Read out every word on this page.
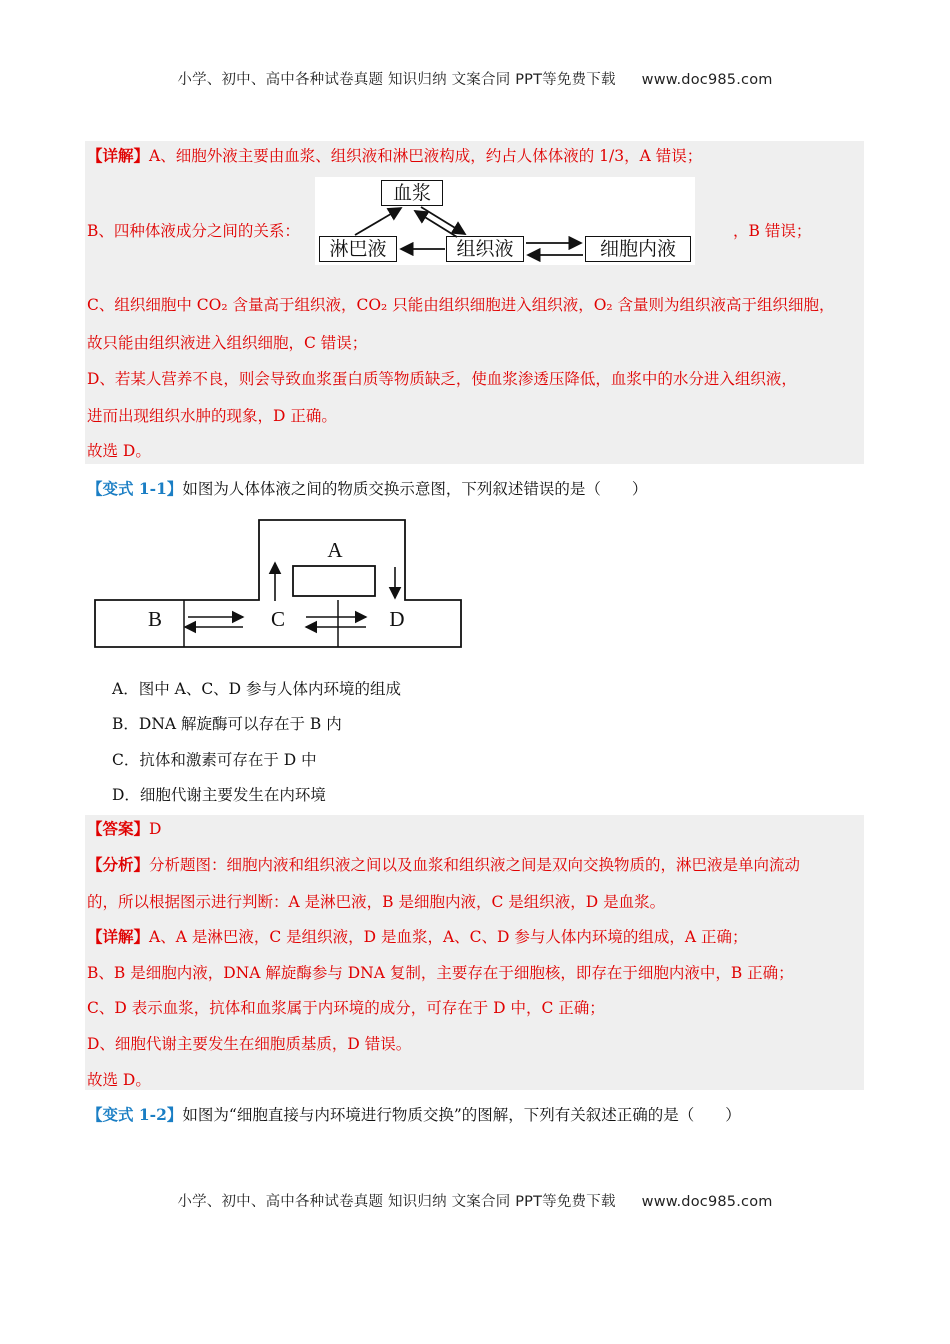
小学、初中、高中各种试卷真题 知识归纳 文案合同 PPT等免费下载 www.doc985.com
【详解】A、细胞外液主要由血浆、组织液和淋巴液构成，约占人体体液的 1/3，A 错误；
B、四种体液成分之间的关系：
血浆
淋巴液	组织液	细胞内液
，B 错误；
C、组织细胞中 CO₂ 含量高于组织液，CO₂ 只能由组织细胞进入组织液，O₂ 含量则为组织液高于组织细胞，
故只能由组织液进入组织细胞，C 错误；
D、若某人营养不良，则会导致血浆蛋白质等物质缺乏，使血浆渗透压降低，血浆中的水分进入组织液，
进而出现组织水肿的现象，D 正确。
故选 D。
【变式 1-1】如图为人体体液之间的物质交换示意图，下列叙述错误的是（　　）
A
B	C	D
A．图中 A、C、D 参与人体内环境的组成
B．DNA 解旋酶可以存在于 B 内
C．抗体和激素可存在于 D 中
D．细胞代谢主要发生在内环境
【答案】D
【分析】分析题图：细胞内液和组织液之间以及血浆和组织液之间是双向交换物质的，淋巴液是单向流动
的，所以根据图示进行判断：A 是淋巴液，B 是细胞内液，C 是组织液，D 是血浆。
【详解】A、A 是淋巴液，C 是组织液，D 是血浆，A、C、D 参与人体内环境的组成，A 正确；
B、B 是细胞内液，DNA 解旋酶参与 DNA 复制，主要存在于细胞核，即存在于细胞内液中，B 正确；
C、D 表示血浆，抗体和血浆属于内环境的成分，可存在于 D 中，C 正确；
D、细胞代谢主要发生在细胞质基质，D 错误。
故选 D。
【变式 1-2】如图为“细胞直接与内环境进行物质交换”的图解，下列有关叙述正确的是（　　）
小学、初中、高中各种试卷真题 知识归纳 文案合同 PPT等免费下载 www.doc985.com
